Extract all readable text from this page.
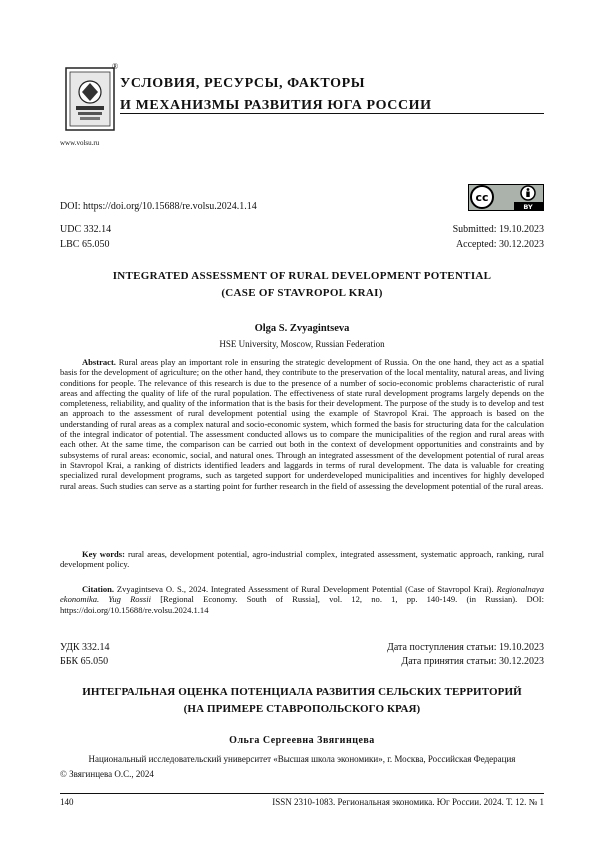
®
www.volsu.ru
УСЛОВИЯ, РЕСУРСЫ, ФАКТОРЫ
И МЕХАНИЗМЫ РАЗВИТИЯ ЮГА РОССИИ
DOI: https://doi.org/10.15688/re.volsu.2024.1.14
cc
BY
UDC 332.14
LBC 65.050
Submitted: 19.10.2023
Accepted: 30.12.2023
INTEGRATED ASSESSMENT OF RURAL DEVELOPMENT POTENTIAL
(CASE OF STAVROPOL KRAI)
Olga S. Zvyagintseva
HSE University, Moscow, Russian Federation

Abstract. Rural areas play an important role in ensuring the strategic development of Russia. On the one hand, they act as a spatial basis for the development of agriculture; on the other hand, they contribute to the preservation of the local mentality, natural areas, and living conditions for people. The relevance of this research is due to the presence of a number of socio-economic problems characteristic of rural areas and affecting the quality of life of the rural population. The effectiveness of state rural development programs largely depends on the completeness, reliability, and quality of the information that is the basis for their development. The purpose of the study is to develop and test an approach to the assessment of rural development potential using the example of Stavropol Krai. The approach is based on the understanding of rural areas as a complex natural and socio-economic system, which formed the basis for structuring data for the calculation of the integral indicator of potential. The assessment conducted allows us to compare the municipalities of the region and rural areas with each other. At the same time, the comparison can be carried out both in the context of development opportunities and constraints and by subsystems of rural areas: economic, social, and natural ones. Through an integrated assessment of the development potential of rural areas in Stavropol Krai, a ranking of districts identified leaders and laggards in terms of rural development. The data is valuable for creating specialized rural development programs, such as targeted support for underdeveloped municipalities and incentives for highly developed rural areas. Such studies can serve as a starting point for further research in the field of assessing the development potential of the rural areas.

Key words: rural areas, development potential, agro-industrial complex, integrated assessment, systematic approach, ranking, rural development policy.

Citation. Zvyagintseva O. S., 2024. Integrated Assessment of Rural Development Potential (Case of Stavropol Krai). Regionalnaya ekonomika. Yug Rossii [Regional Economy. South of Russia], vol. 12, no. 1, pp. 140-149. (in Russian). DOI: https://doi.org/10.15688/re.volsu.2024.1.14

УДК 332.14
ББК 65.050
Дата поступления статьи: 19.10.2023
Дата принятия статьи: 30.12.2023
ИНТЕГРАЛЬНАЯ ОЦЕНКА ПОТЕНЦИАЛА РАЗВИТИЯ СЕЛЬСКИХ ТЕРРИТОРИЙ
(НА ПРИМЕРЕ СТАВРОПОЛЬСКОГО КРАЯ)
Ольга Сергеевна Звягинцева
Национальный исследовательский университет «Высшая школа экономики», г. Москва, Российская Федерация
© Звягинцева О.С., 2024
140	ISSN 2310-1083. Региональная экономика. Юг России. 2024. Т. 12. № 1
